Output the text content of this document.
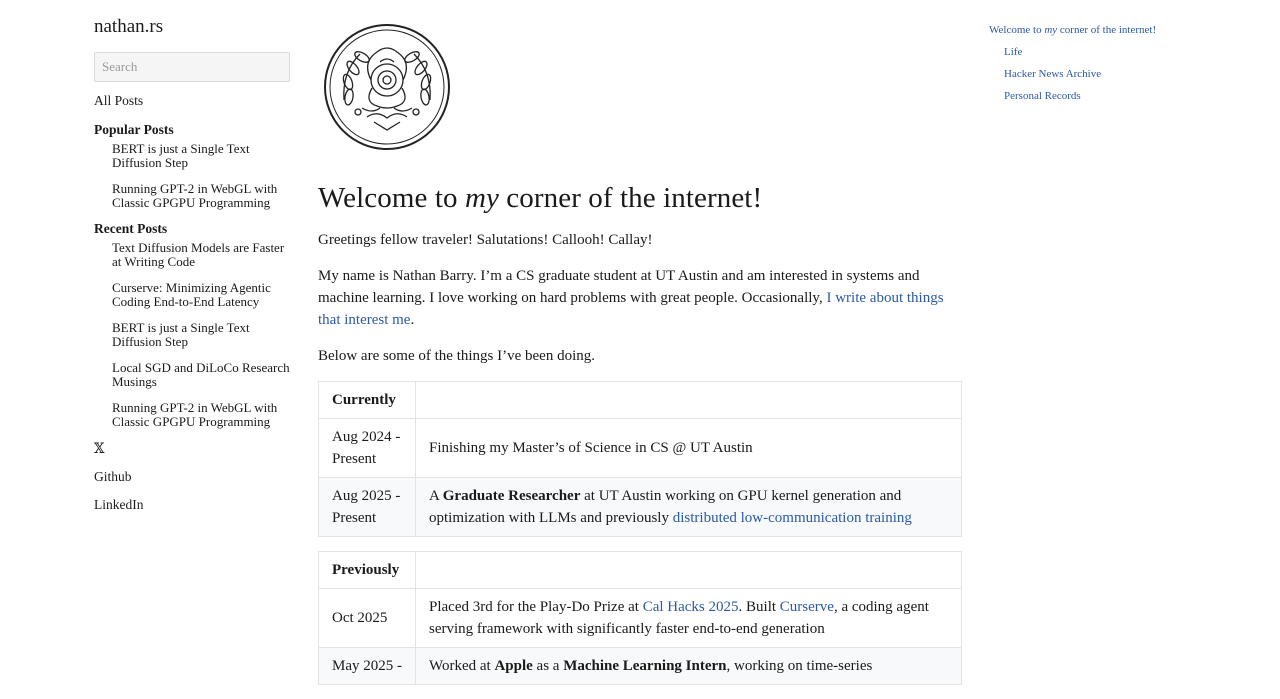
nathan.rs
Search
All Posts
Popular Posts
BERT is just a Single Text Diffusion Step
Running GPT-2 in WebGL with Classic GPGPU Programming
Recent Posts
Text Diffusion Models are Faster at Writing Code
Curserve: Minimizing Agentic Coding End-to-End Latency
BERT is just a Single Text Diffusion Step
Local SGD and DiLoCo Research Musings
Running GPT-2 in WebGL with Classic GPGPU Programming
𝕏
Github
LinkedIn
Welcome to my corner of the internet!

Greetings fellow traveler! Salutations! Callooh! Callay!

My name is Nathan Barry. I’m a CS graduate student at UT Austin and am interested in systems and machine learning. I love working on hard problems with great people. Occasionally, I write about things that interest me.

Below are some of the things I’ve been doing.

Currently	
Aug 2024 - Present	Finishing my Master’s of Science in CS @ UT Austin
Aug 2025 - Present	A Graduate Researcher at UT Austin working on GPU kernel generation and optimization with LLMs and previously distributed low-communication training
Previously	
Oct 2025	Placed 3rd for the Play-Do Prize at Cal Hacks 2025. Built Curserve, a coding agent serving framework with significantly faster end-to-end generation
May 2025 -	Worked at Apple as a Machine Learning Intern, working on time-series
Welcome to my corner of the internet!
Life
Hacker News Archive
Personal Records
